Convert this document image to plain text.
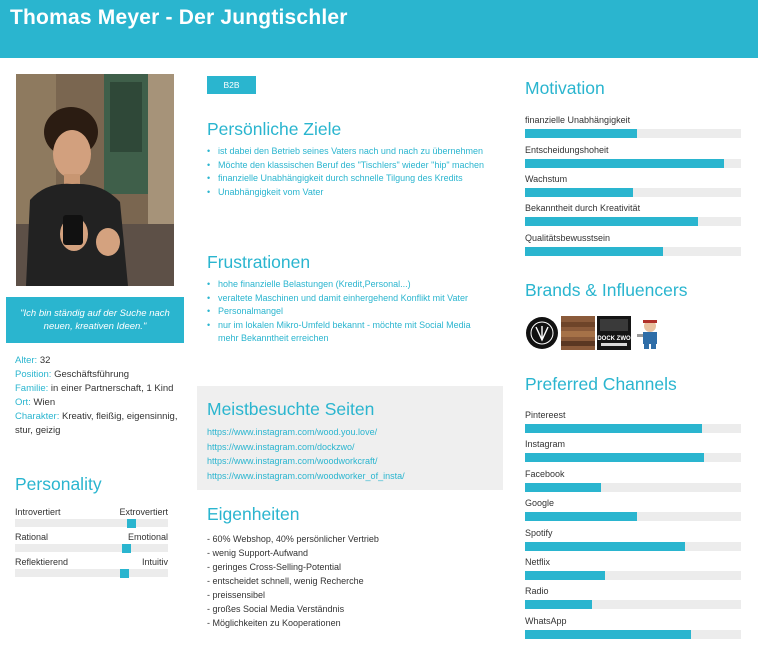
Thomas Meyer - Der Jungtischler
"Ich bin ständig auf der Suche nach neuen, kreativen Ideen."
Alter: 32
Position: Geschäftsführung
Familie: in einer Partnerschaft, 1 Kind
Ort: Wien
Charakter: Kreativ, fleißig, eigensinnig, stur, geizig
Personality
Introvertiert	Extrovertiert
Rational	Emotional
Reflektierend	Intuitiv
B2B
Persönliche Ziele
• ist dabei den Betrieb seines Vaters nach und nach zu übernehmen
• Möchte den klassischen Beruf des "Tischlers" wieder "hip" machen
• finanzielle Unabhängigkeit durch schnelle Tilgung des Kredits
• Unabhängigkeit vom Vater
Frustrationen
• hohe finanzielle Belastungen (Kredit,Personal...)
• veraltete Maschinen und damit einhergehend Konflikt mit Vater
• Personalmangel
• nur im lokalen Mikro-Umfeld bekannt - möchte mit Social Media mehr Bekanntheit erreichen
Meistbesuchte Seiten
https://www.instagram.com/wood.you.love/
https://www.instagram.com/dockzwo/
https://www.instagram.com/woodworkcraft/
https://www.instagram.com/woodworker_of_insta/
Eigenheiten
- 60% Webshop, 40% persönlicher Vertrieb
- wenig Support-Aufwand
- geringes Cross-Selling-Potential
- entscheidet schnell, wenig Recherche
- preissensibel
- großes Social Media Verständnis
- Möglichkeiten zu Kooperationen
Motivation
finanzielle Unabhängigkeit
Entscheidungshoheit
Wachstum
Bekanntheit durch Kreativität
Qualitätsbewusstsein
Brands & Influencers
DOCK ZWO
Preferred Channels
Pintereest
Instagram
Facebook
Google
Spotify
Netflix
Radio
WhatsApp
